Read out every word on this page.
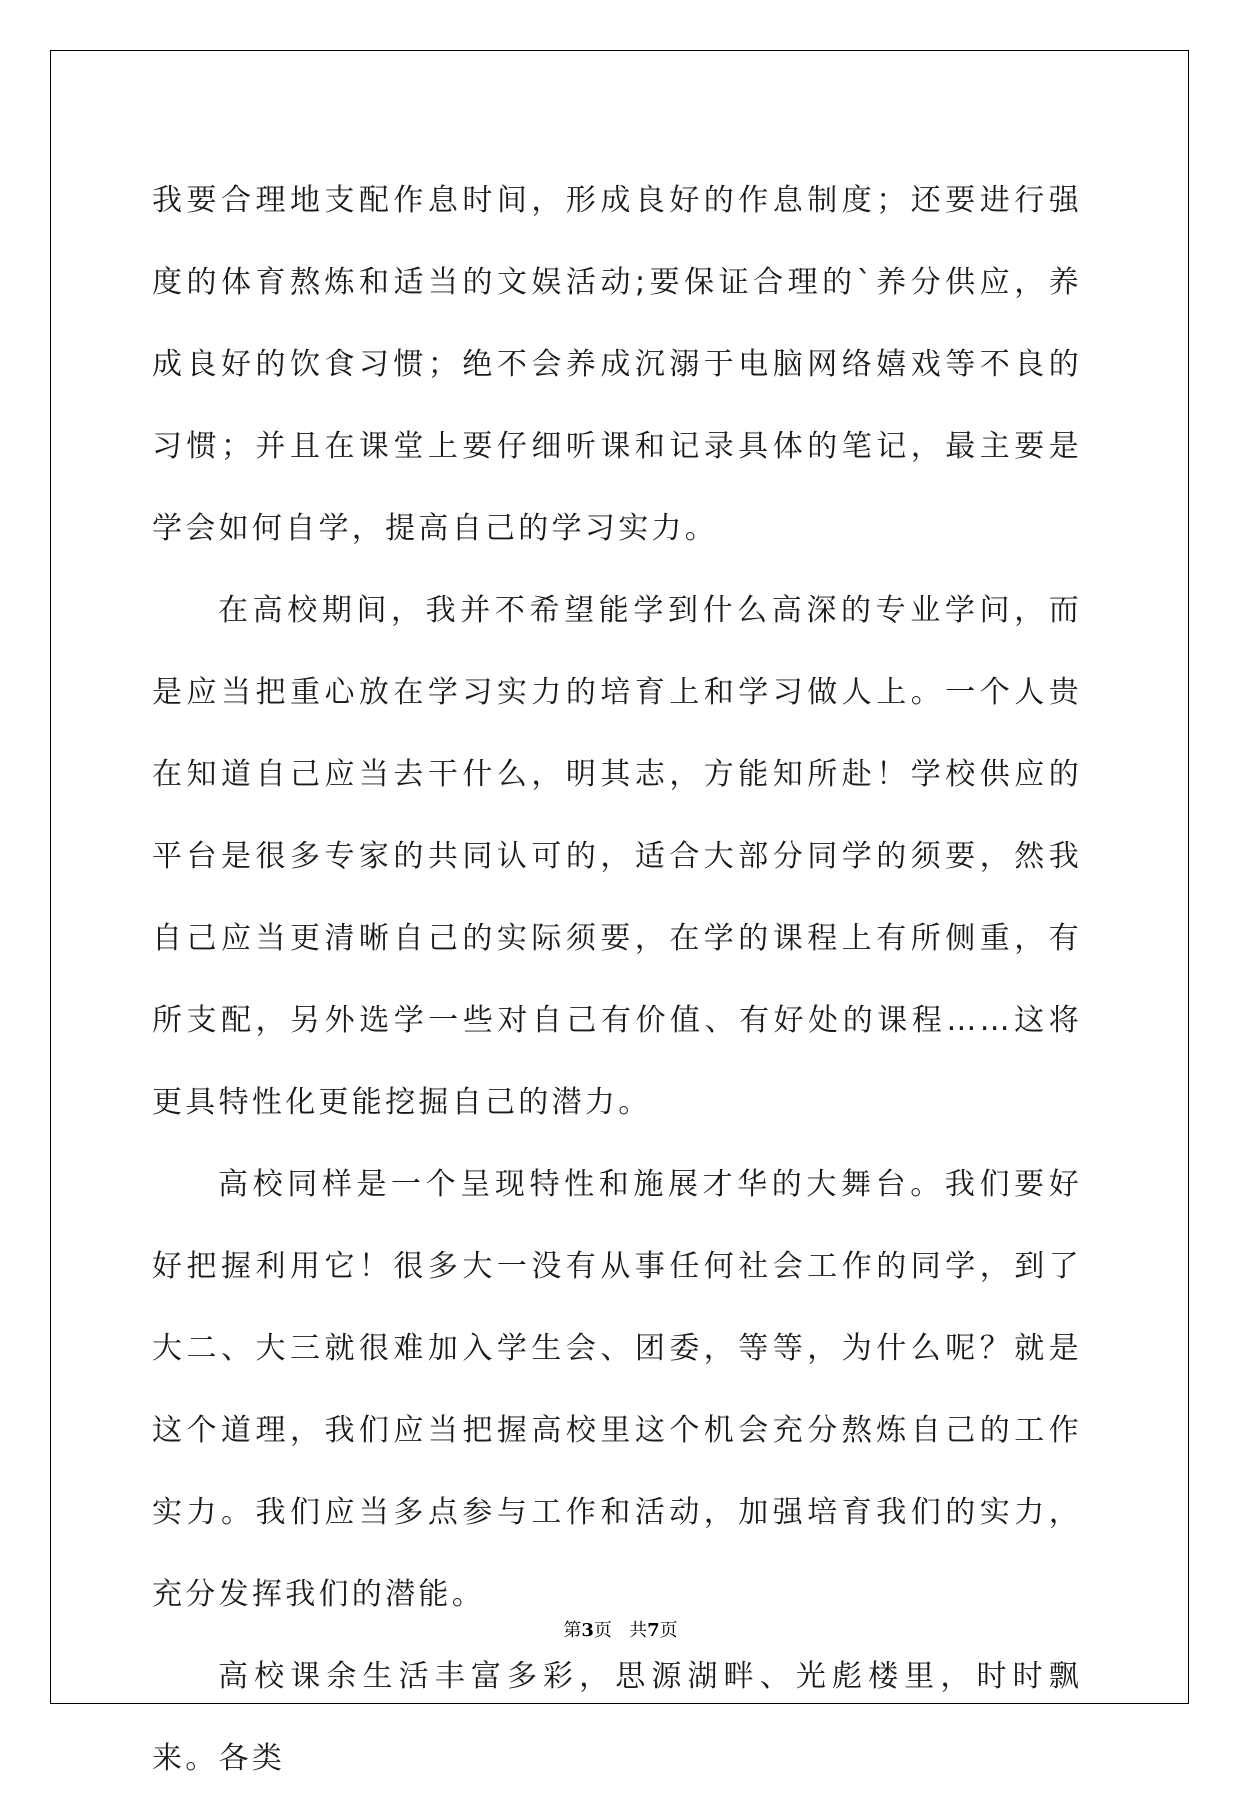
我要合理地支配作息时间，形成良好的作息制度；还要进行强度的体育熬炼和适当的文娱活动;要保证合理的`养分供应，养成良好的饮食习惯；绝不会养成沉溺于电脑网络嬉戏等不良的习惯；并且在课堂上要仔细听课和记录具体的笔记，最主要是学会如何自学，提高自己的学习实力。

在高校期间，我并不希望能学到什么高深的专业学问，而是应当把重心放在学习实力的培育上和学习做人上。一个人贵在知道自己应当去干什么，明其志，方能知所赴！学校供应的平台是很多专家的共同认可的，适合大部分同学的须要，然我自己应当更清晰自己的实际须要，在学的课程上有所侧重，有所支配，另外选学一些对自己有价值、有好处的课程……这将更具特性化更能挖掘自己的潜力。

高校同样是一个呈现特性和施展才华的大舞台。我们要好好把握利用它！很多大一没有从事任何社会工作的同学，到了大二、大三就很难加入学生会、团委，等等，为什么呢？就是这个道理，我们应当把握高校里这个机会充分熬炼自己的工作实力。我们应当多点参与工作和活动，加强培育我们的实力，充分发挥我们的潜能。

高校课余生活丰富多彩，思源湖畔、光彪楼里，时时飘来。各类

第3页 共7页
